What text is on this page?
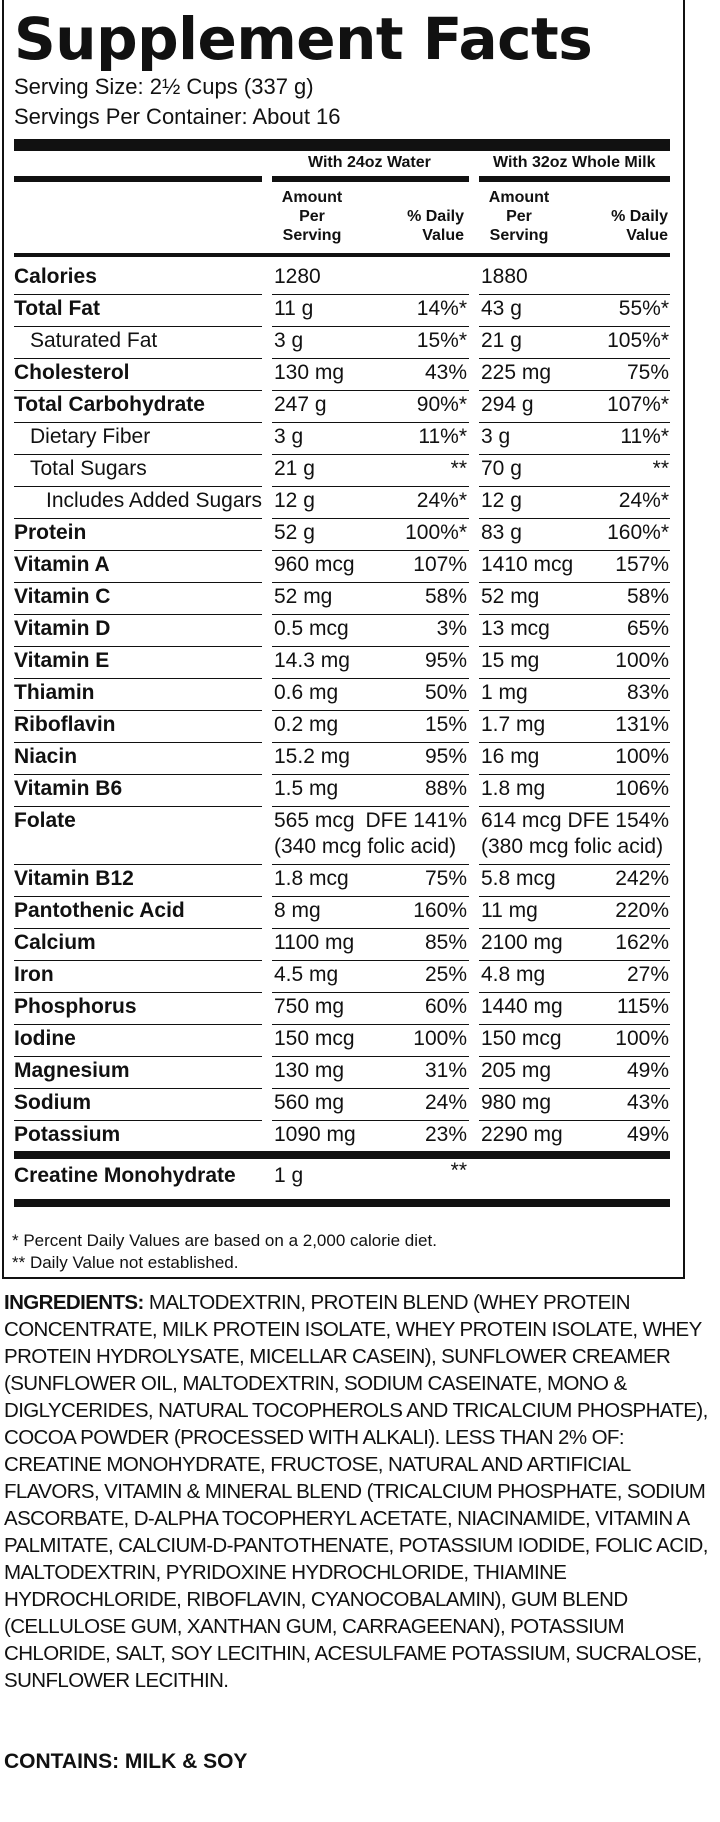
Supplement Facts
Serving Size: 2½ Cups (337 g)
Servings Per Container: About 16
With 24oz Water	With 32oz Whole Milk
Amount
Per
Serving
% Daily
Value
Amount
Per
Serving
% Daily
Value
Calories	1280	1880
Total Fat	11 g	14%* 43 g	55%*
Saturated Fat	3 g	15%* 21 g	105%*
Cholesterol	130 mg	43% 225 mg	75%
Total Carbohydrate	247 g	90%* 294 g	107%*
Dietary Fiber	3 g	11%* 3 g	11%*
Total Sugars	21 g	** 70 g	**
Includes Added Sugars 12 g	24%* 12 g	24%*
Protein	52 g	100%* 83 g	160%*
Vitamin A	960 mcg	107% 1410 mcg	157%
Vitamin C	52 mg	58% 52 mg	58%
Vitamin D	0.5 mcg	3% 13 mcg	65%
Vitamin E	14.3 mg	95% 15 mg	100%
Thiamin	0.6 mg	50% 1 mg	83%
Riboflavin	0.2 mg	15% 1.7 mg	131%
Niacin	15.2 mg	95% 16 mg	100%
Vitamin B6	1.5 mg	88% 1.8 mg	106%
Folate	565 mcg DFE 141% 614 mcg DFE 154%
(340 mcg folic acid) (380 mcg folic acid)
Vitamin B12	1.8 mcg	75% 5.8 mcg	242%
Pantothenic Acid	8 mg	160% 11 mg	220%
Calcium	1100 mg	85% 2100 mg	162%
Iron	4.5 mg	25% 4.8 mg	27%
Phosphorus	750 mg	60% 1440 mg	115%
Iodine	150 mcg	100% 150 mcg	100%
Magnesium	130 mg	31% 205 mg	49%
Sodium	560 mg	24% 980 mg	43%
Potassium	1090 mg	23% 2290 mg	49%
Creatine Monohydrate 1 g	**
* Percent Daily Values are based on a 2,000 calorie diet.
** Daily Value not established.
INGREDIENTS: MALTODEXTRIN, PROTEIN BLEND (WHEY PROTEIN CONCENTRATE, MILK PROTEIN ISOLATE, WHEY PROTEIN ISOLATE, WHEY PROTEIN HYDROLYSATE, MICELLAR CASEIN), SUNFLOWER CREAMER (SUNFLOWER OIL, MALTODEXTRIN, SODIUM CASEINATE, MONO & DIGLYCERIDES, NATURAL TOCOPHEROLS AND TRICALCIUM PHOSPHATE), COCOA POWDER (PROCESSED WITH ALKALI). LESS THAN 2% OF: CREATINE MONOHYDRATE, FRUCTOSE, NATURAL AND ARTIFICIAL FLAVORS, VITAMIN & MINERAL BLEND (TRICALCIUM PHOSPHATE, SODIUM ASCORBATE, D-ALPHA TOCOPHERYL ACETATE, NIACINAMIDE, VITAMIN A PALMITATE, CALCIUM-D-PANTOTHENATE, POTASSIUM IODIDE, FOLIC ACID, MALTODEXTRIN, PYRIDOXINE HYDROCHLORIDE, THIAMINE HYDROCHLORIDE, RIBOFLAVIN, CYANOCOBALAMIN), GUM BLEND (CELLULOSE GUM, XANTHAN GUM, CARRAGEENAN), POTASSIUM CHLORIDE, SALT, SOY LECITHIN, ACESULFAME POTASSIUM, SUCRALOSE, SUNFLOWER LECITHIN.
CONTAINS: MILK & SOY
